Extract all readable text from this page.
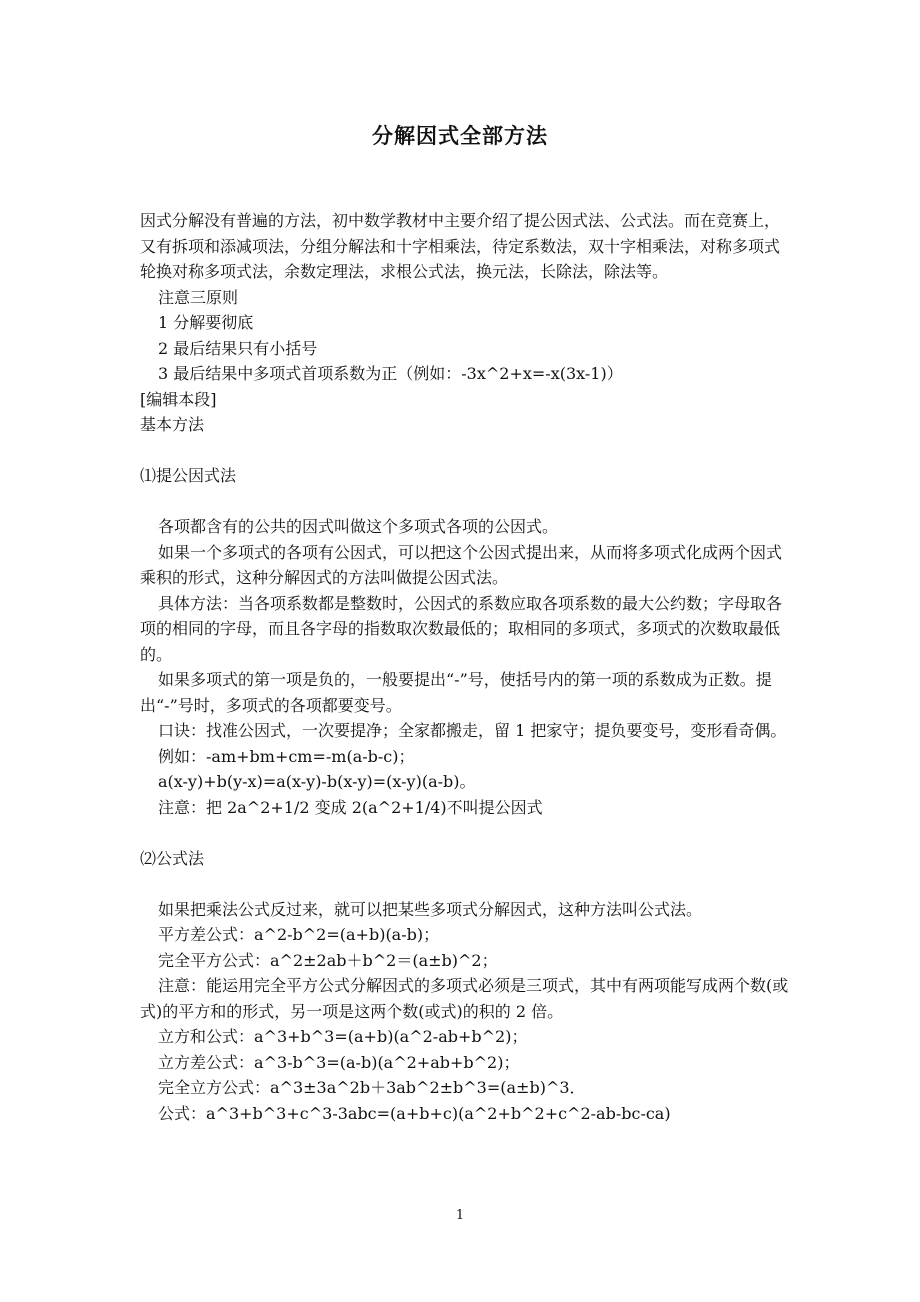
分解因式全部方法

因式分解没有普遍的方法，初中数学教材中主要介绍了提公因式法、公式法。而在竞赛上，又有拆项和添减项法，分组分解法和十字相乘法，待定系数法，双十字相乘法，对称多项式轮换对称多项式法，余数定理法，求根公式法，换元法，长除法，除法等。

注意三原则

1 分解要彻底

2 最后结果只有小括号

3 最后结果中多项式首项系数为正（例如：-3x^2+x=-x(3x-1)）

[编辑本段]

基本方法

⑴提公因式法

各项都含有的公共的因式叫做这个多项式各项的公因式。

如果一个多项式的各项有公因式，可以把这个公因式提出来，从而将多项式化成两个因式乘积的形式，这种分解因式的方法叫做提公因式法。

具体方法：当各项系数都是整数时，公因式的系数应取各项系数的最大公约数；字母取各项的相同的字母，而且各字母的指数取次数最低的；取相同的多项式，多项式的次数取最低的。

如果多项式的第一项是负的，一般要提出“-”号，使括号内的第一项的系数成为正数。提出“-”号时，多项式的各项都要变号。

口诀：找准公因式，一次要提净；全家都搬走，留 1 把家守；提负要变号，变形看奇偶。

例如：-am+bm+cm=-m(a-b-c)；

a(x-y)+b(y-x)=a(x-y)-b(x-y)=(x-y)(a-b)。

注意：把 2a^2+1/2 变成 2(a^2+1/4)不叫提公因式

⑵公式法

如果把乘法公式反过来，就可以把某些多项式分解因式，这种方法叫公式法。

平方差公式：a^2-b^2=(a+b)(a-b)；

完全平方公式：a^2±2ab＋b^2＝(a±b)^2；

注意：能运用完全平方公式分解因式的多项式必须是三项式，其中有两项能写成两个数(或式)的平方和的形式，另一项是这两个数(或式)的积的 2 倍。

立方和公式：a^3+b^3=(a+b)(a^2-ab+b^2)；

立方差公式：a^3-b^3=(a-b)(a^2+ab+b^2)；

完全立方公式：a^3±3a^2b＋3ab^2±b^3=(a±b)^3．

公式：a^3+b^3+c^3-3abc=(a+b+c)(a^2+b^2+c^2-ab-bc-ca)

1
